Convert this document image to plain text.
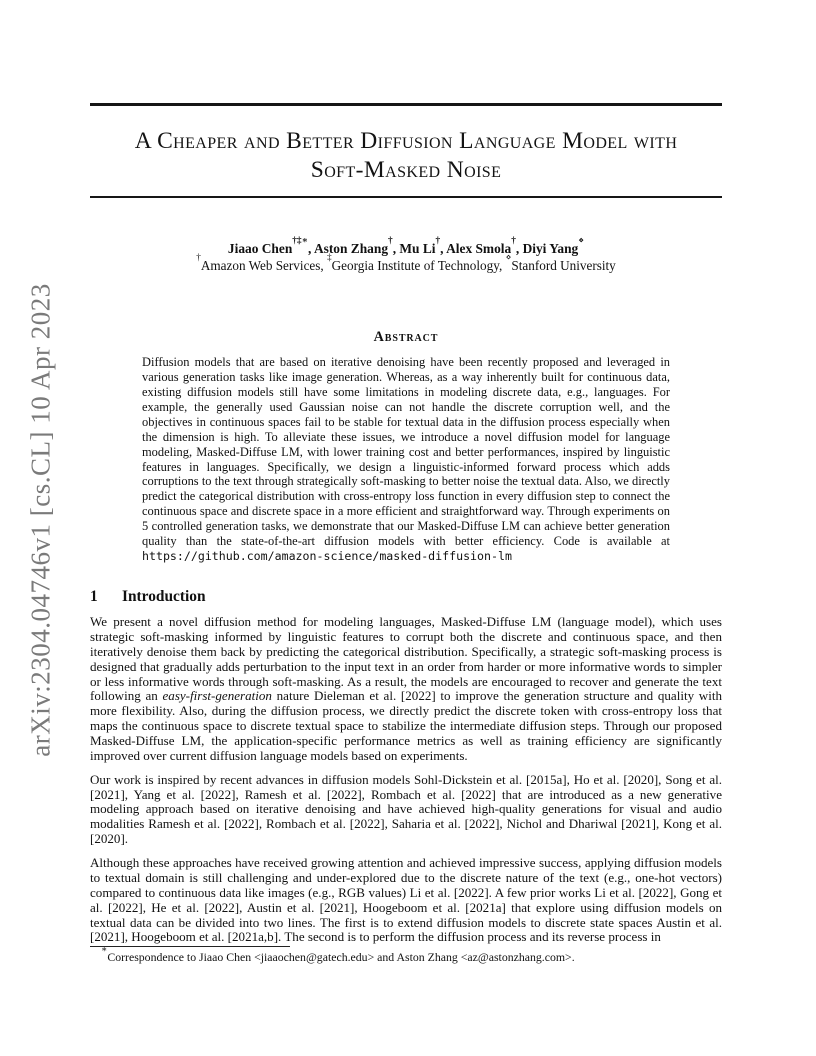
arXiv:2304.04746v1 [cs.CL] 10 Apr 2023
A Cheaper and Better Diffusion Language Model with
Soft-Masked Noise
Jiaao Chen†‡∗, Aston Zhang†, Mu Li†, Alex Smola†, Diyi Yang⋄
†Amazon Web Services, ‡Georgia Institute of Technology, ⋄Stanford University
Abstract
Diffusion models that are based on iterative denoising have been recently proposed and leveraged in various generation tasks like image generation. Whereas, as a way inherently built for continuous data, existing diffusion models still have some limitations in modeling discrete data, e.g., languages. For example, the generally used Gaussian noise can not handle the discrete corruption well, and the objectives in continuous spaces fail to be stable for textual data in the diffusion process especially when the dimension is high. To alleviate these issues, we introduce a novel diffusion model for language modeling, Masked-Diffuse LM, with lower training cost and better performances, inspired by linguistic features in languages. Specifically, we design a linguistic-informed forward process which adds corruptions to the text through strategically soft-masking to better noise the textual data. Also, we directly predict the categorical distribution with cross-entropy loss function in every diffusion step to connect the continuous space and discrete space in a more efficient and straightforward way. Through experiments on 5 controlled generation tasks, we demonstrate that our Masked-Diffuse LM can achieve better generation quality than the state-of-the-art diffusion models with better efficiency. Code is available at https://github.com/amazon-science/masked-diffusion-lm
1 Introduction

We present a novel diffusion method for modeling languages, Masked-Diffuse LM (language model), which uses strategic soft-masking informed by linguistic features to corrupt both the discrete and continuous space, and then iteratively denoise them back by predicting the categorical distribution. Specifically, a strategic soft-masking process is designed that gradually adds perturbation to the input text in an order from harder or more informative words to simpler or less informative words through soft-masking. As a result, the models are encouraged to recover and generate the text following an easy-first-generation nature Dieleman et al. [2022] to improve the generation structure and quality with more flexibility. Also, during the diffusion process, we directly predict the discrete token with cross-entropy loss that maps the continuous space to discrete textual space to stabilize the intermediate diffusion steps. Through our proposed Masked-Diffuse LM, the application-specific performance metrics as well as training efficiency are significantly improved over current diffusion language models based on experiments.

Our work is inspired by recent advances in diffusion models Sohl-Dickstein et al. [2015a], Ho et al. [2020], Song et al. [2021], Yang et al. [2022], Ramesh et al. [2022], Rombach et al. [2022] that are introduced as a new generative modeling approach based on iterative denoising and have achieved high-quality generations for visual and audio modalities Ramesh et al. [2022], Rombach et al. [2022], Saharia et al. [2022], Nichol and Dhariwal [2021], Kong et al. [2020].

Although these approaches have received growing attention and achieved impressive success, applying diffusion models to textual domain is still challenging and under-explored due to the discrete nature of the text (e.g., one-hot vectors) compared to continuous data like images (e.g., RGB values) Li et al. [2022]. A few prior works Li et al. [2022], Gong et al. [2022], He et al. [2022], Austin et al. [2021], Hoogeboom et al. [2021a] that explore using diffusion models on textual data can be divided into two lines. The first is to extend diffusion models to discrete state spaces Austin et al. [2021], Hoogeboom et al. [2021a,b]. The second is to perform the diffusion process and its reverse process in

∗Correspondence to Jiaao Chen <jiaaochen@gatech.edu> and Aston Zhang <az@astonzhang.com>.
